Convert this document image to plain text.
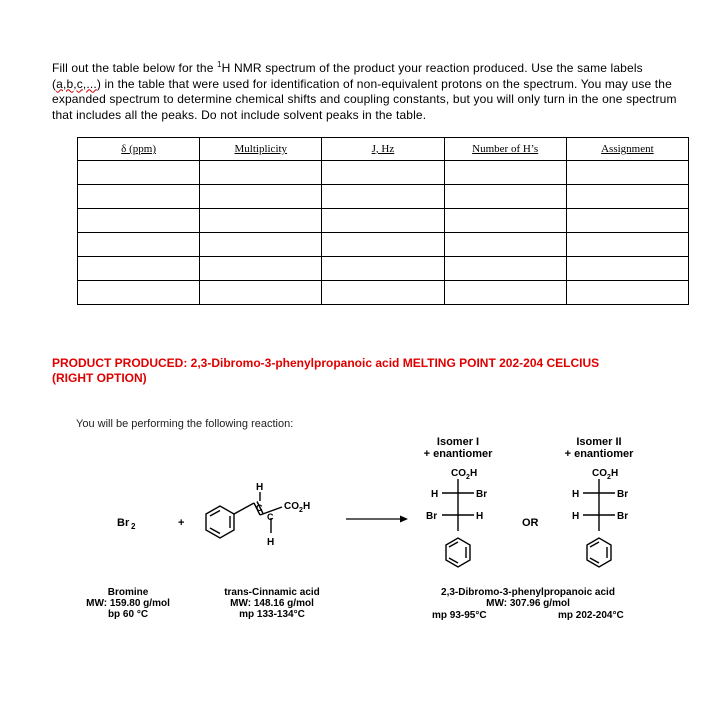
Fill out the table below for the $^1$H NMR spectrum of the product your reaction produced. Use the same labels (a,b,c,...) in the table that were used for identification of non-equivalent protons on the spectrum. You may use the expanded spectrum to determine chemical shifts and coupling constants, but you will only turn in the one spectrum that includes all the peaks. Do not include solvent peaks in the table.
δ (ppm)	Multiplicity	J, Hz	Number of H’s	Assignment

PRODUCT PRODUCED: 2,3-Dibromo-3-phenylpropanoic acid MELTING POINT 202-204 CELCIUS
(RIGHT OPTION)
You will be performing the following reaction:
Br 2	+
H
C
C
H
CO 2 H
Isomer I
+ enantiomer
CO 2 H
H	Br
Br	H
OR
Isomer II
+ enantiomer
CO 2 H
H	Br
H	Br
Bromine
MW: 159.80 g/mol
bp 60 °C
trans-Cinnamic acid
MW: 148.16 g/mol
mp 133-134°C
2,3-Dibromo-3-phenylpropanoic acid
MW: 307.96 g/mol
mp 93-95°C	mp 202-204°C
